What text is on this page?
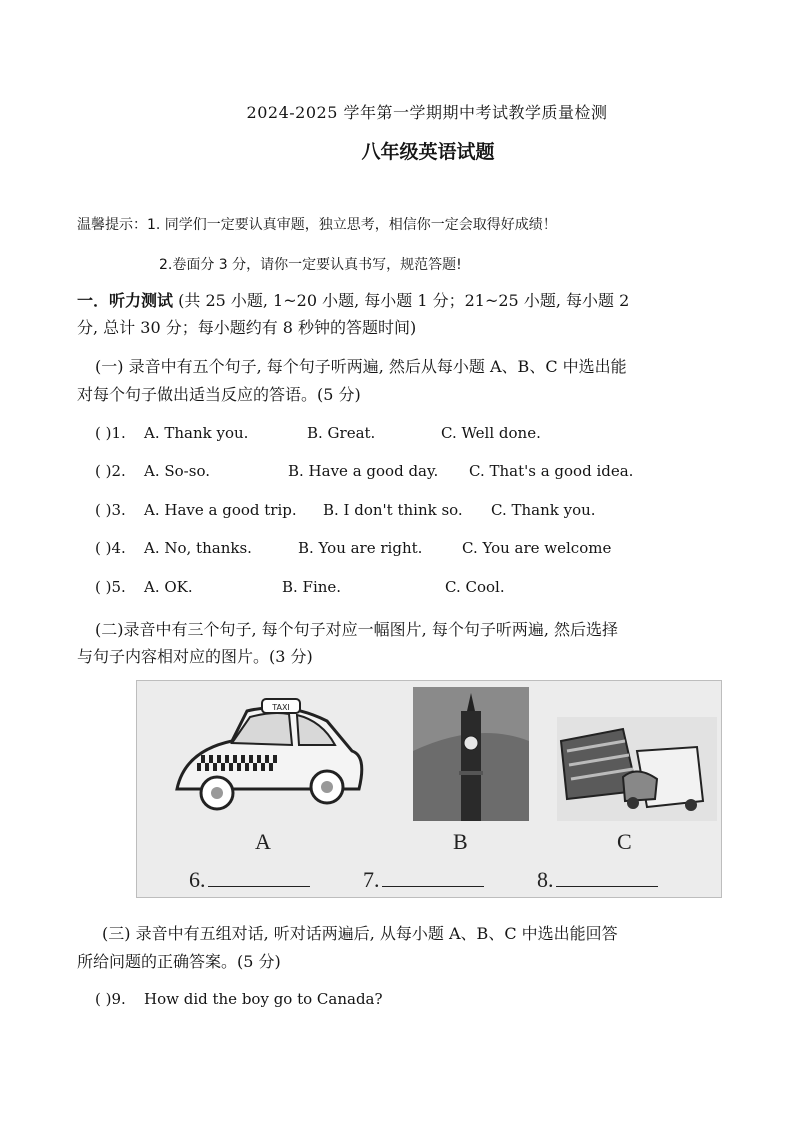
2024-2025 学年第一学期期中考试教学质量检测
八年级英语试题
温馨提示：1. 同学们一定要认真审题，独立思考，相信你一定会取得好成绩！
2.卷面分 3 分，请你一定要认真书写，规范答题!
一．听力测试 (共 25 小题, 1~20 小题, 每小题 1 分；21~25 小题, 每小题 2
分, 总计 30 分；每小题约有 8 秒钟的答题时间)
(一) 录音中有五个句子, 每个句子听两遍, 然后从每小题 A、B、C 中选出能
对每个句子做出适当反应的答语。(5 分)
( )1. A. Thank you.	B. Great.	C. Well done.
( )2. A. So-so.	B. Have a good day. C. That's a good idea.
( )3. A. Have a good trip. B. I don't think so. C. Thank you.
( )4. A. No, thanks.	B. You are right.	C. You are welcome
( )5. A. OK.	B. Fine.	C. Cool.
(二)录音中有三个句子, 每个句子对应一幅图片, 每个句子听两遍, 然后选择
与句子内容相对应的图片。(3 分)
TAXI
A	B	C
6.	7.	8.
(三) 录音中有五组对话, 听对话两遍后, 从每小题 A、B、C 中选出能回答
所给问题的正确答案。(5 分)
( )9. How did the boy go to Canada?
